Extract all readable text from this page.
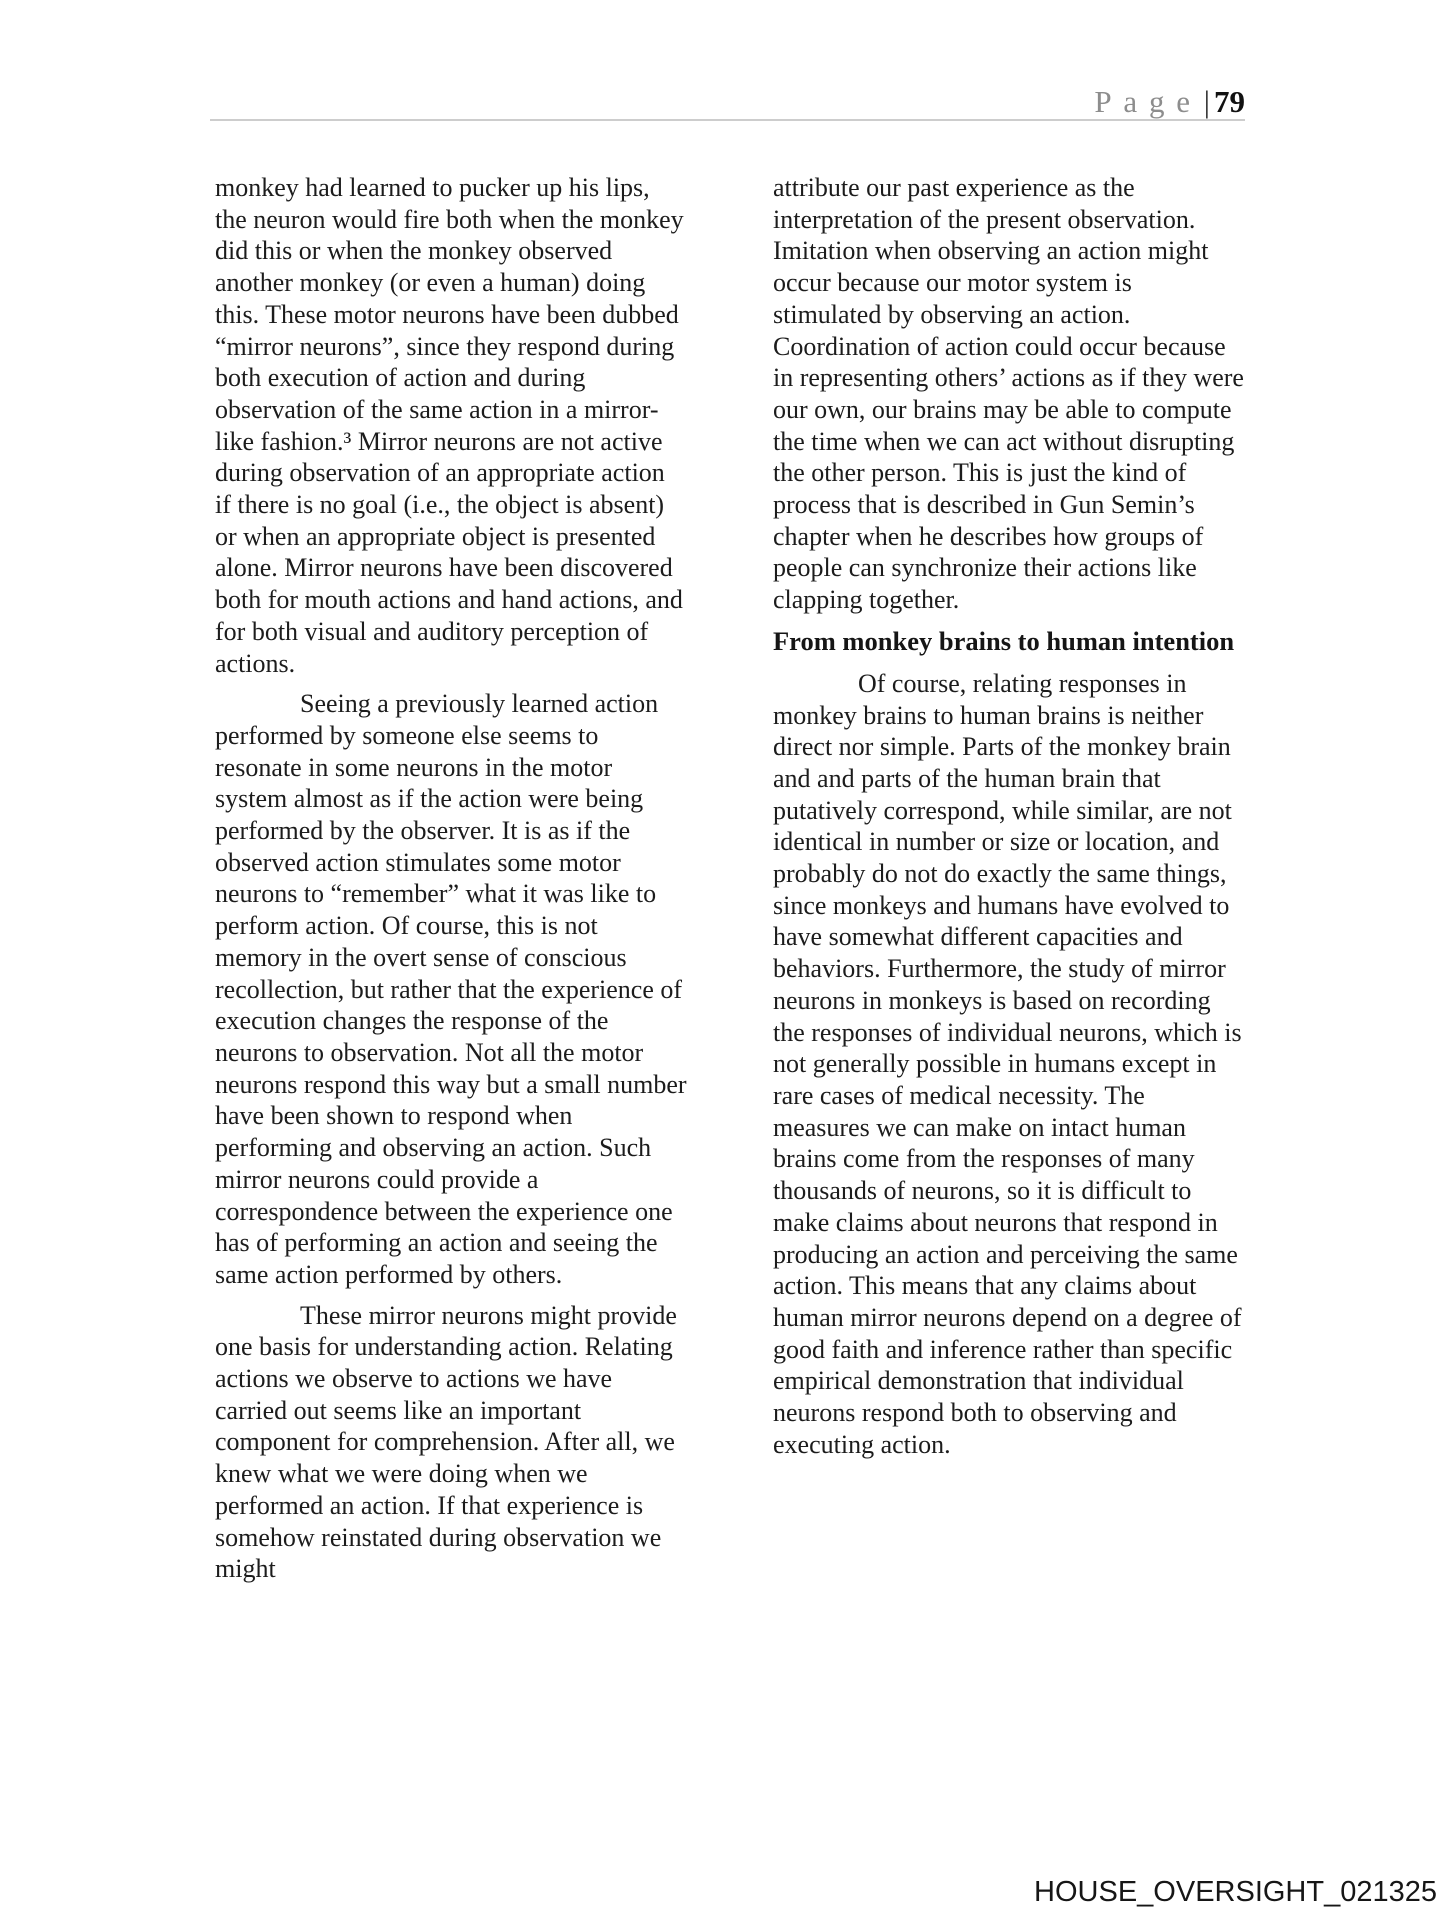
Page| 79

monkey had learned to pucker up his lips, the neuron would fire both when the monkey did this or when the monkey observed another monkey (or even a human) doing this. These motor neurons have been dubbed “mirror neurons”, since they respond during both execution of action and during observation of the same action in a mirror-like fashion.³ Mirror neurons are not active during observation of an appropriate action if there is no goal (i.e., the object is absent) or when an appropriate object is presented alone. Mirror neurons have been discovered both for mouth actions and hand actions, and for both visual and auditory perception of actions.

Seeing a previously learned action performed by someone else seems to resonate in some neurons in the motor system almost as if the action were being performed by the observer. It is as if the observed action stimulates some motor neurons to “remember” what it was like to perform action. Of course, this is not memory in the overt sense of conscious recollection, but rather that the experience of execution changes the response of the neurons to observation. Not all the motor neurons respond this way but a small number have been shown to respond when performing and observing an action. Such mirror neurons could provide a correspondence between the experience one has of performing an action and seeing the same action performed by others.

These mirror neurons might provide one basis for understanding action. Relating actions we observe to actions we have carried out seems like an important component for comprehension. After all, we knew what we were doing when we performed an action. If that experience is somehow reinstated during observation we might

attribute our past experience as the interpretation of the present observation. Imitation when observing an action might occur because our motor system is stimulated by observing an action. Coordination of action could occur because in representing others’ actions as if they were our own, our brains may be able to compute the time when we can act without disrupting the other person. This is just the kind of process that is described in Gun Semin’s chapter when he describes how groups of people can synchronize their actions like clapping together.

From monkey brains to human intention

Of course, relating responses in monkey brains to human brains is neither direct nor simple. Parts of the monkey brain and and parts of the human brain that putatively correspond, while similar, are not identical in number or size or location, and probably do not do exactly the same things, since monkeys and humans have evolved to have somewhat different capacities and behaviors. Furthermore, the study of mirror neurons in monkeys is based on recording the responses of individual neurons, which is not generally possible in humans except in rare cases of medical necessity. The measures we can make on intact human brains come from the responses of many thousands of neurons, so it is difficult to make claims about neurons that respond in producing an action and perceiving the same action. This means that any claims about human mirror neurons depend on a degree of good faith and inference rather than specific empirical demonstration that individual neurons respond both to observing and executing action.

HOUSE_OVERSIGHT_021325
